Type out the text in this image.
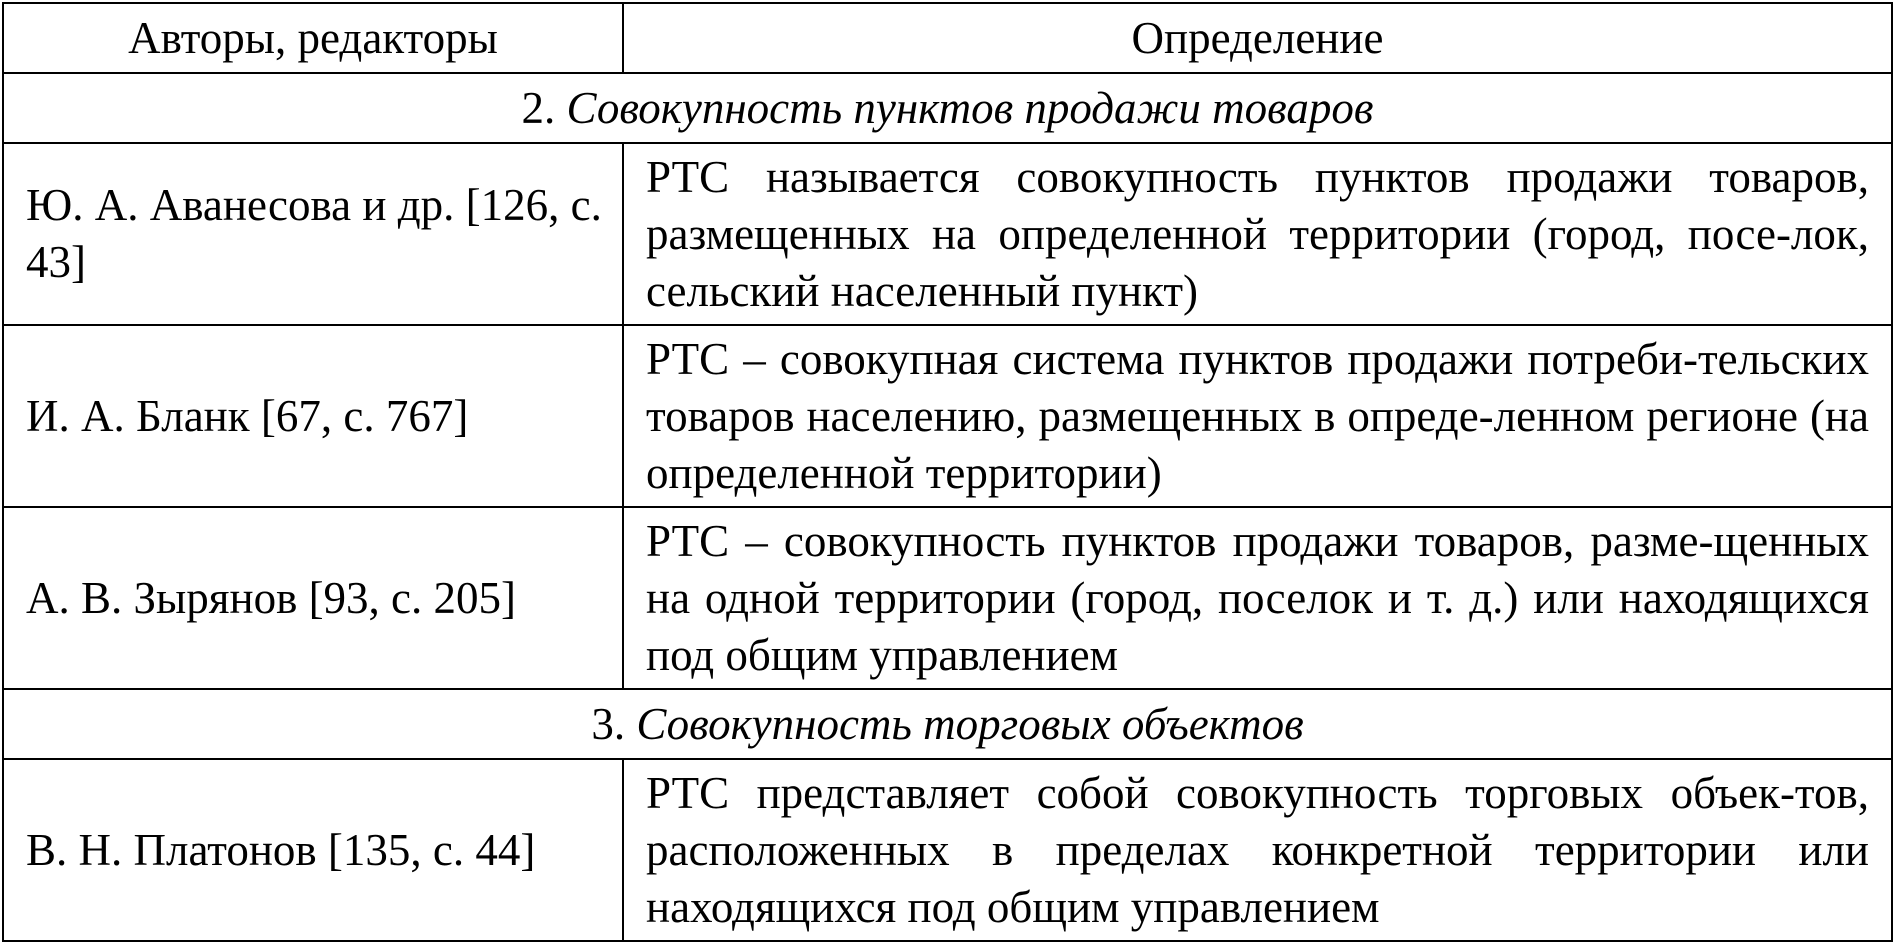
Авторы, редакторы	Определение
2. Совокупность пунктов продажи товаров	
Ю. А. Аванесова и др. [126, с. 43]	РТС называется совокупность пунктов продажи товаров, размещенных на определенной территории (город, посе-лок, сельский населенный пункт)
И. А. Бланк [67, с. 767]	РТС – совокупная система пунктов продажи потреби-тельских товаров населению, размещенных в опреде-ленном регионе (на определенной территории)
А. В. Зырянов [93, с. 205]	РТС – совокупность пунктов продажи товаров, разме-щенных на одной территории (город, поселок и т. д.) или находящихся под общим управлением
3. Совокупность торговых объектов	
В. Н. Платонов [135, с. 44]	РТС представляет собой совокупность торговых объек-тов, расположенных в пределах конкретной территории или находящихся под общим управлением
